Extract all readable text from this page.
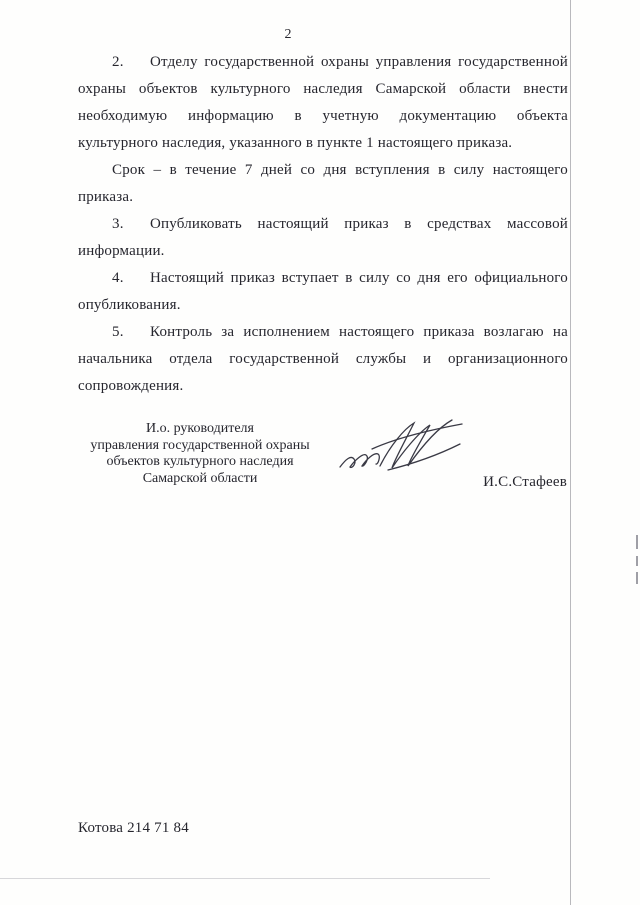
2

2. Отделу государственной охраны управления государственной охраны объектов культурного наследия Самарской области внести необходимую информацию в учетную документацию объекта культурного наследия, указанного в пункте 1 настоящего приказа.

Срок – в течение 7 дней со дня вступления в силу настоящего приказа.

3. Опубликовать настоящий приказ в средствах массовой информации.

4. Настоящий приказ вступает в силу со дня его официального опубликования.

5. Контроль за исполнением настоящего приказа возлагаю на начальника отдела государственной службы и организационного сопровождения.

И.о. руководителя
управления государственной охраны
объектов культурного наследия
Самарской области	И.С.Стафеев
Котова 214 71 84
